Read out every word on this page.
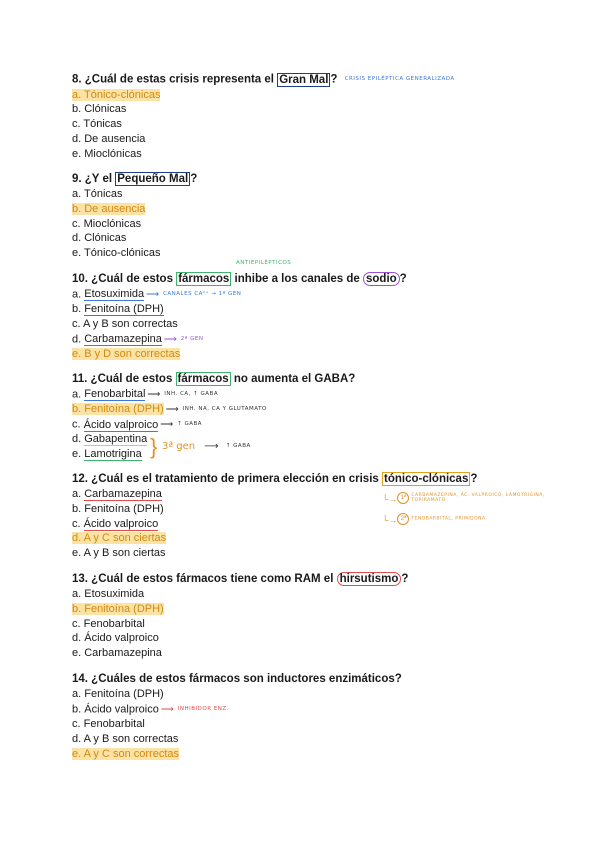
8. ¿Cuál de estas crisis representa el Gran Mal ? CRISIS EPILÉPTICA GENERALIZADA
a. Tónico-clónicas
b. Clónicas
c. Tónicas
d. De ausencia
e. Mioclónicas
9. ¿Y el Pequeño Mal ?
a. Tónicas
b. De ausencia
c. Mioclónicas
d. Clónicas
e. Tónico-clónicas
ANTIEPILÉPTICOS
10. ¿Cuál de estos fármacos inhibe a los canales de sodio ?
a. Etosuximida ⟶ CANALES CA²⁺ → 1ª GEN
b. Fenitoína (DPH)
c. A y B son correctas
d. Carbamazepina ⟶ 2ª GEN
e. B y D son correctas
11. ¿Cuál de estos fármacos no aumenta el GABA?
a. Fenobarbital ⟶ INH. CA, ↑ GABA
b. Fenitoína (DPH) ⟶ INH. NA, CA Y GLUTAMATO
c. Ácido valproico ⟶ ↑ GABA
d. Gabapentina
e. Lamotrigina } 3ª gen ⟶ ↑ GABA
12. ¿Cuál es el tratamiento de primera elección en crisis tónico-clónicas ?
a. Carbamazepina
b. Fenitoína (DPH)
c. Ácido valproico
d. A y C son ciertas
e. A y B son ciertas
└→ 1ª CARBAMAZEPINA, ÁC. VALPROICO, LAMOTRIGINA, TOPIRAMATO
└→ 2ª FENOBARBITAL, PRIMIDONA
13. ¿Cuál de estos fármacos tiene como RAM el hirsutismo ?
a. Etosuximida
b. Fenitoína (DPH)
c. Fenobarbital
d. Ácido valproico
e. Carbamazepina
14. ¿Cuáles de estos fármacos son inductores enzimáticos?
a. Fenitoína (DPH)
b. Ácido valproico ⟶ INHIBIDOR ENZ.
c. Fenobarbital
d. A y B son correctas
e. A y C son correctas
